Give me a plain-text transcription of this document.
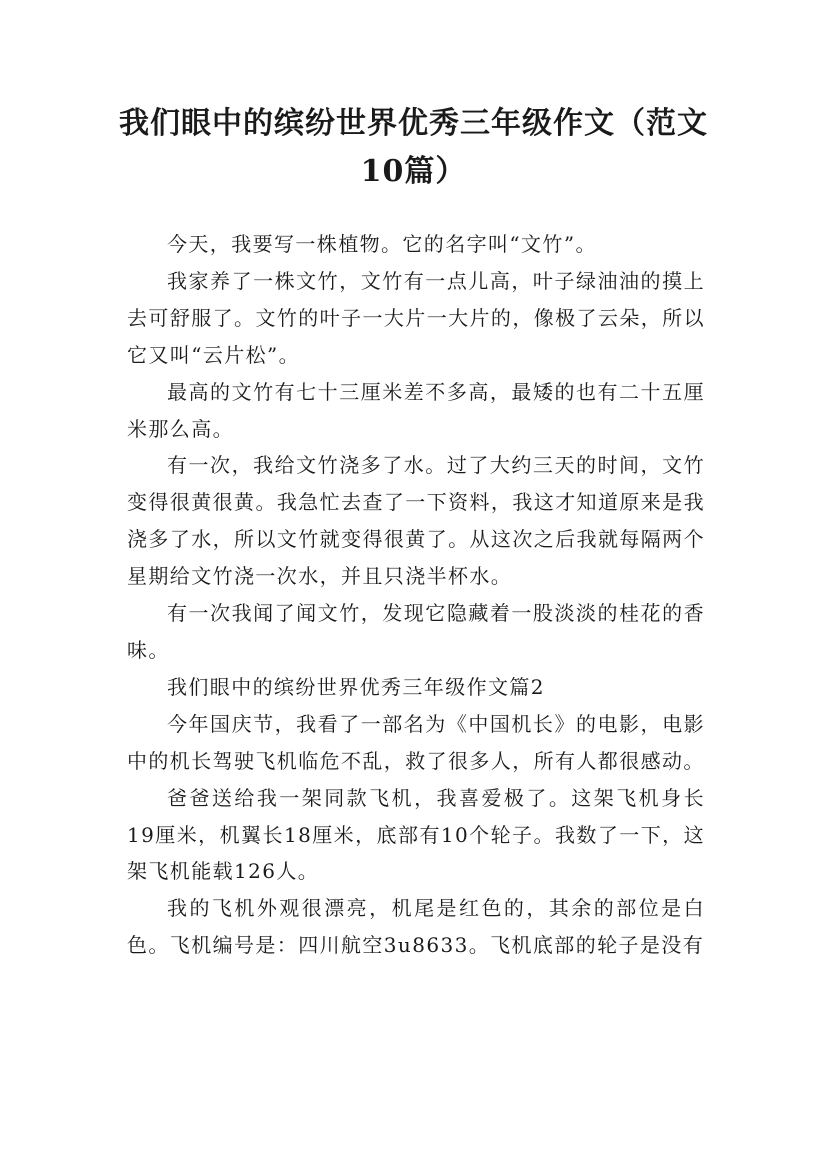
我们眼中的缤纷世界优秀三年级作文（范文10篇）

今天，我要写一株植物。它的名字叫“文竹”。

我家养了一株文竹，文竹有一点儿高，叶子绿油油的摸上去可舒服了。文竹的叶子一大片一大片的，像极了云朵，所以它又叫“云片松”。

最高的文竹有七十三厘米差不多高，最矮的也有二十五厘米那么高。

有一次，我给文竹浇多了水。过了大约三天的时间，文竹变得很黄很黄。我急忙去查了一下资料，我这才知道原来是我浇多了水，所以文竹就变得很黄了。从这次之后我就每隔两个星期给文竹浇一次水，并且只浇半杯水。

有一次我闻了闻文竹，发现它隐藏着一股淡淡的桂花的香味。

我们眼中的缤纷世界优秀三年级作文篇2

今年国庆节，我看了一部名为《中国机长》的电影，电影中的机长驾驶飞机临危不乱，救了很多人，所有人都很感动。

爸爸送给我一架同款飞机，我喜爱极了。这架飞机身长19厘米，机翼长18厘米，底部有10个轮子。我数了一下，这架飞机能载126人。

我的飞机外观很漂亮，机尾是红色的，其余的部位是白色。飞机编号是：四川航空3u8633。飞机底部的轮子是没有
